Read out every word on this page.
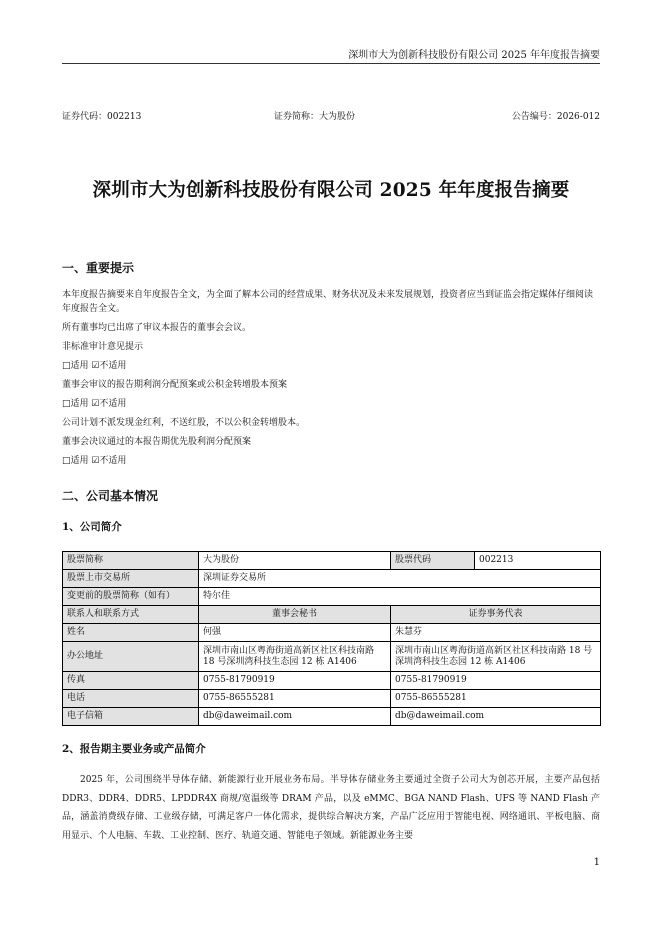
深圳市大为创新科技股份有限公司 2025 年年度报告摘要
证券代码：002213	证券简称：大为股份	公告编号：2026-012
深圳市大为创新科技股份有限公司 2025 年年度报告摘要
一、重要提示
本年度报告摘要来自年度报告全文，为全面了解本公司的经营成果、财务状况及未来发展规划，投资者应当到证监会指定媒体仔细阅读年度报告全文。
所有董事均已出席了审议本报告的董事会会议。
非标准审计意见提示
□适用 ☑不适用
董事会审议的报告期利润分配预案或公积金转增股本预案
□适用 ☑不适用
公司计划不派发现金红利，不送红股，不以公积金转增股本。
董事会决议通过的本报告期优先股利润分配预案
□适用 ☑不适用
二、公司基本情况
1、公司简介
股票简称	大为股份	股票代码	002213
股票上市交易所	深圳证券交易所		
变更前的股票简称（如有）	特尔佳		
联系人和联系方式	董事会秘书	证券事务代表	
姓名	何强	朱慧芬	
办公地址	深圳市南山区粤海街道高新区社区科技南路 18 号深圳湾科技生态园 12 栋 A1406	深圳市南山区粤海街道高新区社区科技南路 18 号深圳湾科技生态园 12 栋 A1406	
传真	0755-81790919	0755-81790919	
电话	0755-86555281	0755-86555281	
电子信箱	db@daweimail.com	db@daweimail.com	
2、报告期主要业务或产品简介
2025 年，公司围绕半导体存储、新能源行业开展业务布局。半导体存储业务主要通过全资子公司大为创芯开展，主要产品包括 DDR3、DDR4、DDR5、LPDDR4X 商规/宽温级等 DRAM 产品，以及 eMMC、BGA NAND Flash、UFS 等 NAND Flash 产品，涵盖消费级存储、工业级存储，可满足客户一体化需求，提供综合解决方案，产品广泛应用于智能电视、网络通讯、平板电脑、商用显示、个人电脑、车载、工业控制、医疗、轨道交通、智能电子领域。新能源业务主要
1
